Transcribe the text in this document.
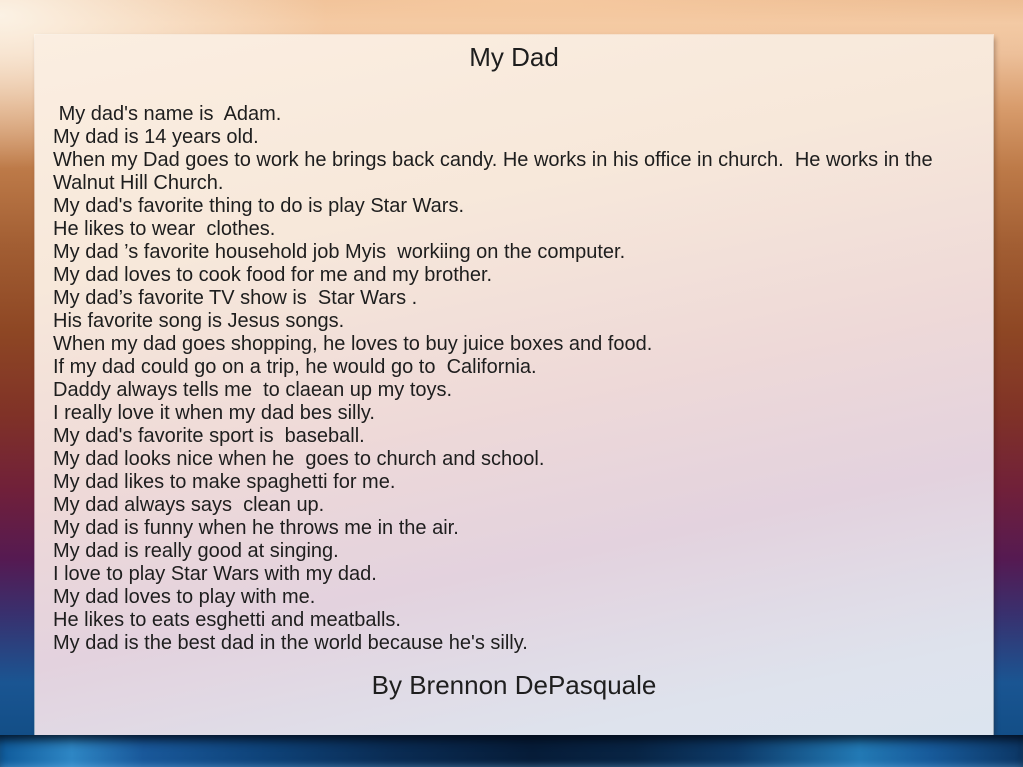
My Dad

My dad's name is  Adam.

My dad is 14 years old.

When my Dad goes to work he brings back candy. He works in his office in church.  He works in the Walnut Hill Church.

My dad's favorite thing to do is play Star Wars.

He likes to wear  clothes.

My dad ’s favorite household job Myis  workiing on the computer.

My dad loves to cook food for me and my brother.

My dad’s favorite TV show is  Star Wars .

His favorite song is Jesus songs.

When my dad goes shopping, he loves to buy juice boxes and food.

If my dad could go on a trip, he would go to  California.

Daddy always tells me  to claean up my toys.

I really love it when my dad bes silly.

My dad's favorite sport is  baseball.

My dad looks nice when he  goes to church and school.

My dad likes to make spaghetti for me.

My dad always says  clean up.

My dad is funny when he throws me in the air.

My dad is really good at singing.

I love to play Star Wars with my dad.

My dad loves to play with me.

He likes to eats esghetti and meatballs.

My dad is the best dad in the world because he's silly.

By Brennon DePasquale
